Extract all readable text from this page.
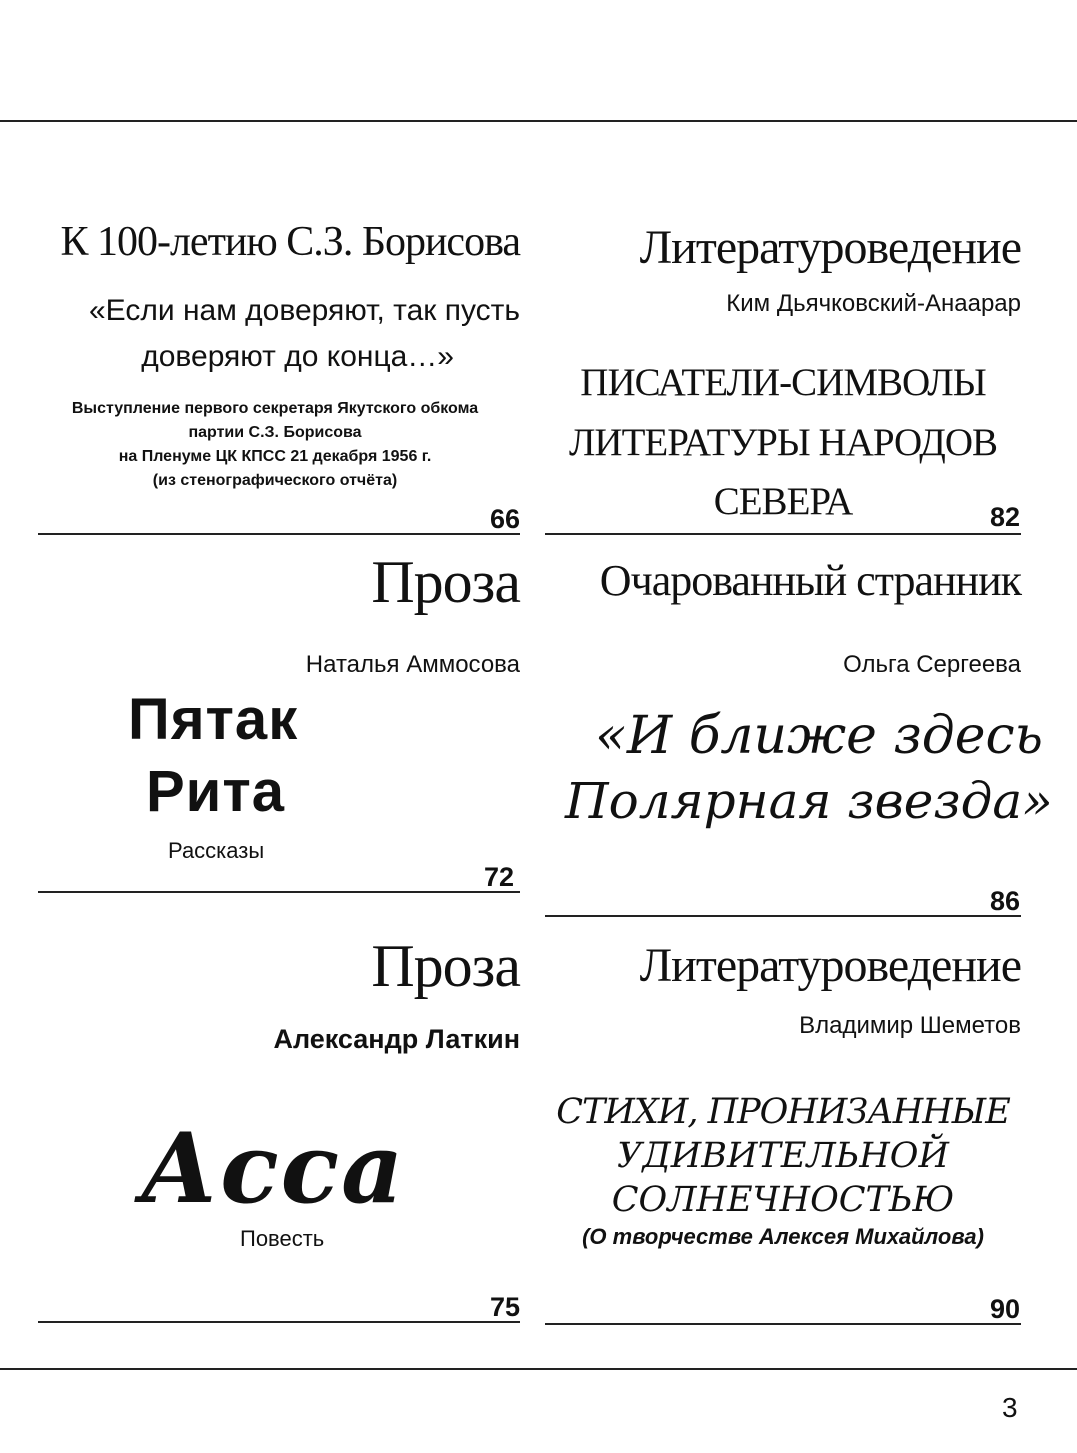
К 100-летию С.З. Борисова
«Если нам доверяют, так пусть
доверяют до конца…»
Выступление первого секретаря Якутского обкома
партии С.З. Борисова
на Пленуме ЦК КПСС 21 декабря 1956 г.
(из стенографического отчёта)
66
Литературоведение
Ким Дьячковский-Анаарар
ПИСАТЕЛИ-СИМВОЛЫ
ЛИТЕРАТУРЫ НАРОДОВ
СЕВЕРА	82
Проза
Наталья Аммосова
Пятак
Рита
Рассказы
72
Очарованный странник
Ольга Сергеева
«И ближе здесь
Полярная звезда»
86
Проза
Александр Латкин
Асса
Повесть
75
Литературоведение
Владимир Шеметов
СТИХИ, ПРОНИЗАННЫЕ
УДИВИТЕЛЬНОЙ
СОЛНЕЧНОСТЬЮ
(О творчестве Алексея Михайлова)
90
3
